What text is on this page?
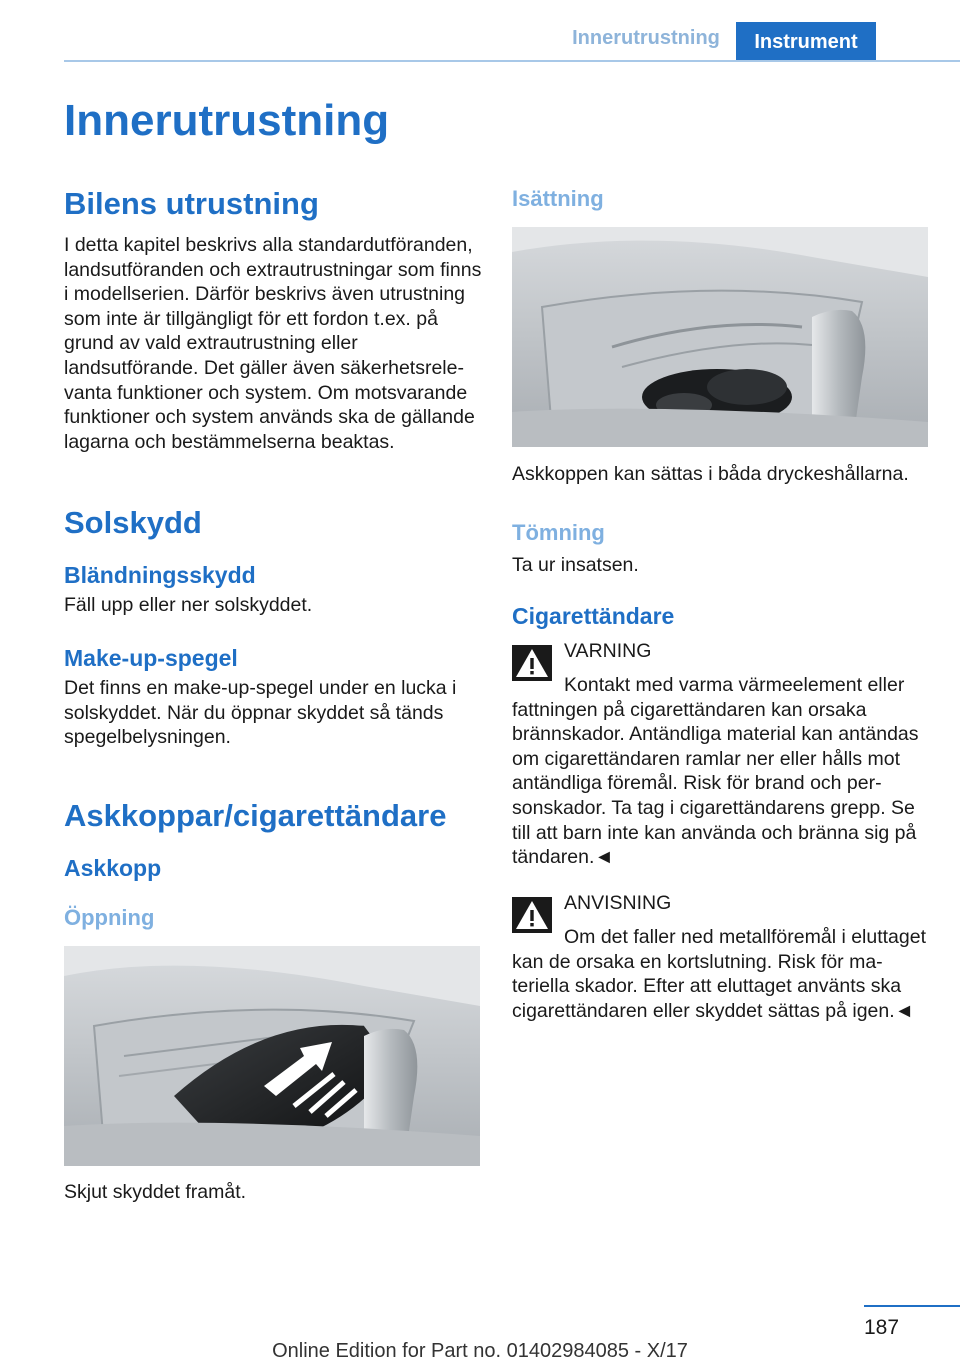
Innerutrustning	Instrument
Innerutrustning
Bilens utrustning
I detta kapitel beskrivs alla standardutföranden, landsutföranden och extrautrustningar som finns i modellserien. Därför beskrivs även utrustning som inte är tillgängligt för ett fordon t.ex. på grund av vald extrautrustning eller landsutförande. Det gäller även säkerhetsrelevanta funktioner och system. Om motsvarande funktioner och system används ska de gällande lagarna och bestämmelserna beaktas.
Solskydd
Bländningsskydd
Fäll upp eller ner solskyddet.
Make-up-spegel
Det finns en make-up-spegel under en lucka i solskyddet. När du öppnar skyddet så tänds spegelbelysningen.
Askkoppar/cigarettändare
Askkopp
Öppning
Skjut skyddet framåt.
Isättning
Askkoppen kan sättas i båda dryckeshållarna.
Tömning
Ta ur insatsen.
Cigarettändare
VARNING
Kontakt med varma värmeelement eller fattningen på cigarettändaren kan orsaka brännskador. Antändliga material kan antändas om cigarettändaren ramlar ner eller hålls mot antändliga föremål. Risk för brand och personskador. Ta tag i cigarettändarens grepp. Se till att barn inte kan använda och bränna sig på tändaren.◄
ANVISNING
Om det faller ned metallföremål i eluttaget kan de orsaka en kortslutning. Risk för materiella skador. Efter att eluttaget använts ska cigarettändaren eller skyddet sättas på igen.◄
187
Online Edition for Part no. 01402984085 - X/17
